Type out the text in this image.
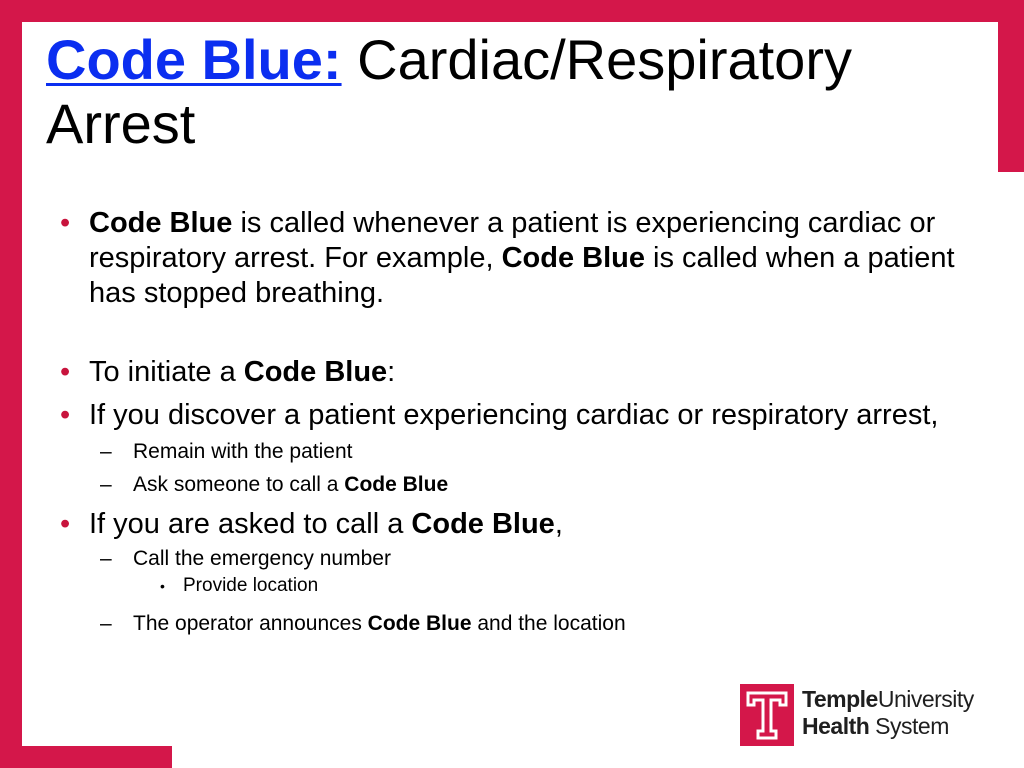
Code Blue: Cardiac/Respiratory Arrest
• Code Blue is called whenever a patient is experiencing cardiac or respiratory arrest. For example, Code Blue is called when a patient has stopped breathing.
• To initiate a Code Blue:
• If you discover a patient experiencing cardiac or respiratory arrest,
– Remain with the patient
– Ask someone to call a Code Blue
• If you are asked to call a Code Blue,
– Call the emergency number
• Provide location
– The operator announces Code Blue and the location
TempleUniversity
Health System
